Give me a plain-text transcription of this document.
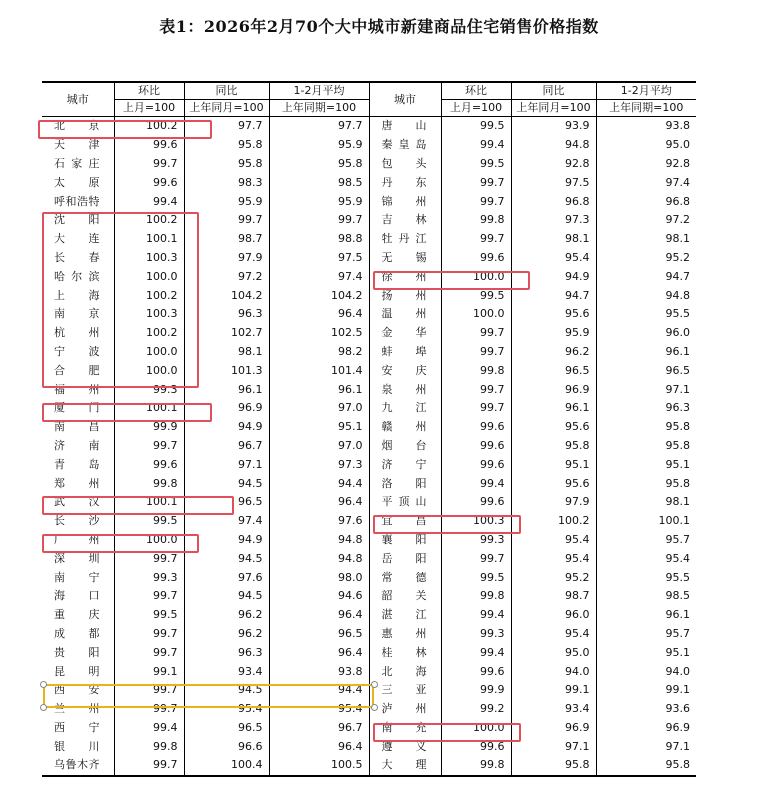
表1：2026年2月70个大中城市新建商品住宅销售价格指数
城市	环比	同比	1-2月平均	城市	环比	同比	1-2月平均
	上月=100	上年同月=100	上年同期=100		上月=100	上年同月=100	上年同期=100
北京	100.2	97.7	97.7	唐山	99.5	93.9	93.8
天津	99.6	95.8	95.9	秦皇岛	99.4	94.8	95.0
石家庄	99.7	95.8	95.8	包头	99.5	92.8	92.8
太原	99.6	98.3	98.5	丹东	99.7	97.5	97.4
呼和浩特	99.4	95.9	95.9	锦州	99.7	96.8	96.8
沈阳	100.2	99.7	99.7	吉林	99.8	97.3	97.2
大连	100.1	98.7	98.8	牡丹江	99.7	98.1	98.1
长春	100.3	97.9	97.5	无锡	99.6	95.4	95.2
哈尔滨	100.0	97.2	97.4	徐州	100.0	94.9	94.7
上海	100.2	104.2	104.2	扬州	99.5	94.7	94.8
南京	100.3	96.3	96.4	温州	100.0	95.6	95.5
杭州	100.2	102.7	102.5	金华	99.7	95.9	96.0
宁波	100.0	98.1	98.2	蚌埠	99.7	96.2	96.1
合肥	100.0	101.3	101.4	安庆	99.8	96.5	96.5
福州	99.3	96.1	96.1	泉州	99.7	96.9	97.1
厦门	100.1	96.9	97.0	九江	99.7	96.1	96.3
南昌	99.9	94.9	95.1	赣州	99.6	95.6	95.8
济南	99.7	96.7	97.0	烟台	99.6	95.8	95.8
青岛	99.6	97.1	97.3	济宁	99.6	95.1	95.1
郑州	99.8	94.5	94.4	洛阳	99.4	95.6	95.8
武汉	100.1	96.5	96.4	平顶山	99.6	97.9	98.1
长沙	99.5	97.4	97.6	宜昌	100.3	100.2	100.1
广州	100.0	94.9	94.8	襄阳	99.3	95.4	95.7
深圳	99.7	94.5	94.8	岳阳	99.7	95.4	95.4
南宁	99.3	97.6	98.0	常德	99.5	95.2	95.5
海口	99.7	94.5	94.6	韶关	99.8	98.7	98.5
重庆	99.5	96.2	96.4	湛江	99.4	96.0	96.1
成都	99.7	96.2	96.5	惠州	99.3	95.4	95.7
贵阳	99.7	96.3	96.4	桂林	99.4	95.0	95.1
昆明	99.1	93.4	93.8	北海	99.6	94.0	94.0
西安	99.7	94.5	94.4	三亚	99.9	99.1	99.1
兰州	99.7	95.4	95.4	泸州	99.2	93.4	93.6
西宁	99.4	96.5	96.7	南充	100.0	96.9	96.9
银川	99.8	96.6	96.4	遵义	99.6	97.1	97.1
乌鲁木齐	99.7	100.4	100.5	大理	99.8	95.8	95.8
